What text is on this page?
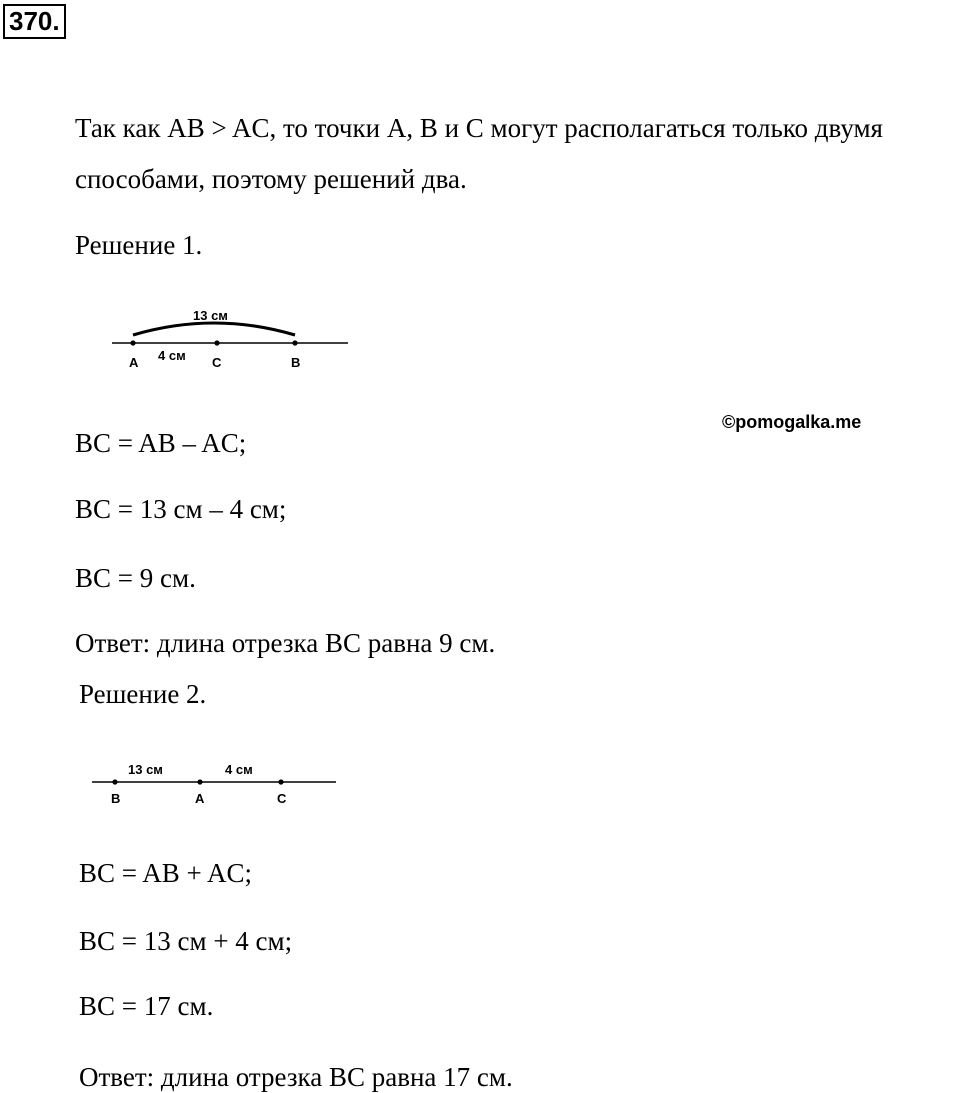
370.
Так как AB > AC, то точки A, B и C могут располагаться только двумя
способами, поэтому решений два.
Решение 1.
13 см
4 см
A	C	B
13 см	4 см
B	A	C
©pomogalka.me
BC = AB – AC;
BC = 13 см – 4 см;
BC = 9 см.
Ответ: длина отрезка BC равна 9 см.
Решение 2.
BC = AB + AC;
BC = 13 см + 4 см;
BC = 17 см.
Ответ: длина отрезка BC равна 17 см.
